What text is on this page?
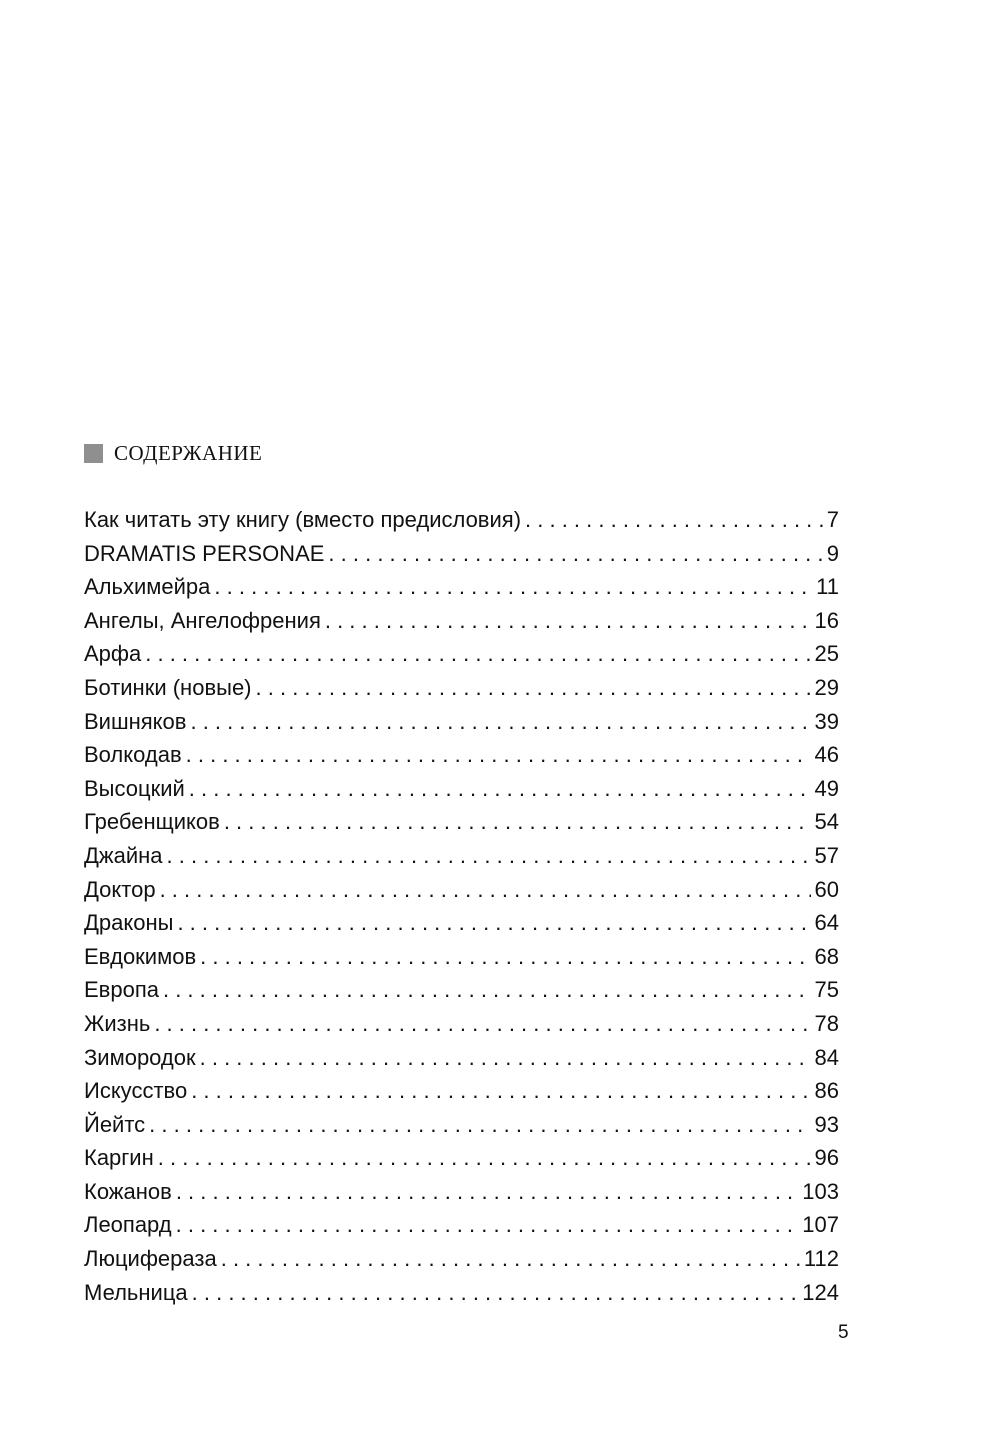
СОДЕРЖАНИЕ
Как читать эту книгу (вместо предисловия) . . .	7
DRAMATIS PERSONAE . . .	9
Альхимейра . . .	11
Ангелы, Ангелофрения . . .	16
Арфа . . .	25
Ботинки (новые) . . .	29
Вишняков . . .	39
Волкодав . . .	46
Высоцкий . . .	49
Гребенщиков . . .	54
Джайна . . .	57
Доктор . . .	60
Драконы . . .	64
Евдокимов . . .	68
Европа . . .	75
Жизнь . . .	78
Зимородок . . .	84
Искусство . . .	86
Йейтс . . .	93
Каргин . . .	96
Кожанов . . .	103
Леопард . . .	107
Люцифераза . . .	112
Мельница . . .	124
5
